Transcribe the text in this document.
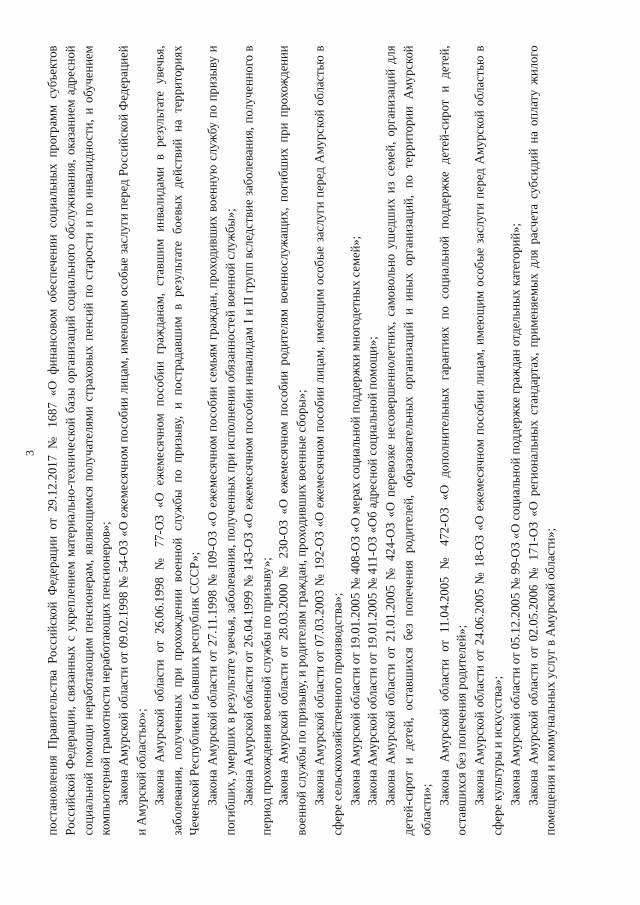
3 постановления Правительства Российской Федерации от 29.12.2017 № 1687 «О финансовом обеспечении социальных программ субъектов Российской Федерации, связанных с укреплением материально-технической базы организаций социального обслуживания, оказанием адресной социальной помощи неработающим пенсионерам, являющимся получателями страховых пенсий по старости и по инвалидности, и обучением компьютерной грамотности неработающих пенсионеров»; Закона Амурской области от 09.02.1998 № 54-ОЗ «О ежемесячном пособии лицам, имеющим особые заслуги перед Российской Федерацией и Амурской областью»; Закона Амурской области от 26.06.1998 № 77-ОЗ «О ежемесячном пособии гражданам, ставшим инвалидами в результате увечья, заболевания, полученных при прохождении военной службы по призыву, и пострадавшим в результате боевых действий на территориях Чеченской Республики и бывших республик СССР»; Закона Амурской области от 27.11.1998 № 109-ОЗ «О ежемесячном пособии семьям граждан, проходивших военную службу по призыву и погибших, умерших в результате увечья, заболевания, полученных при исполнении обязанностей военной службы»; Закона Амурской области от 26.04.1999 № 143-ОЗ «О ежемесячном пособии инвалидам I и II групп вследствие заболевания, полученного в период прохождения военной службы по призыву»; Закона Амурской области от 28.03.2000 № 230-ОЗ «О ежемесячном пособии родителям военнослужащих, погибших при прохождении военной службы по призыву, и родителям граждан, проходивших военные сборы»; Закона Амурской области от 07.03.2003 № 192-ОЗ «О ежемесячном пособии лицам, имеющим особые заслуги перед Амурской областью в сфере сельскохозяйственного производства»; Закона Амурской области от 19.01.2005 № 408-ОЗ «О мерах социальной поддержки многодетных семей»; Закона Амурской области от 19.01.2005 № 411-ОЗ «Об адресной социальной помощи»; Закона Амурской области от 21.01.2005 № 424-ОЗ «О перевозке несовершеннолетних, самовольно ушедших из семей, организаций для детей-сирот и детей, оставшихся без попечения родителей, образовательных организаций и иных организаций, по территории Амурской области»;

Закона Амурской области от 11.04.2005 № 472-ОЗ «О дополнительных гарантиях по социальной поддержке детей-сирот и детей, оставшихся без попечения родителей»; Закона Амурской области от 24.06.2005 № 18-ОЗ «О ежемесячном пособии лицам, имеющим особые заслуги перед Амурской областью в сфере культуры и искусства»; Закона Амурской области от 05.12.2005 № 99-ОЗ «О социальной поддержке граждан отдельных категорий»; Закона Амурской области от 02.05.2006 № 171-ОЗ «О региональных стандартах, применяемых для расчета субсидий на оплату жилого помещения и коммунальных услуг в Амурской области»;
